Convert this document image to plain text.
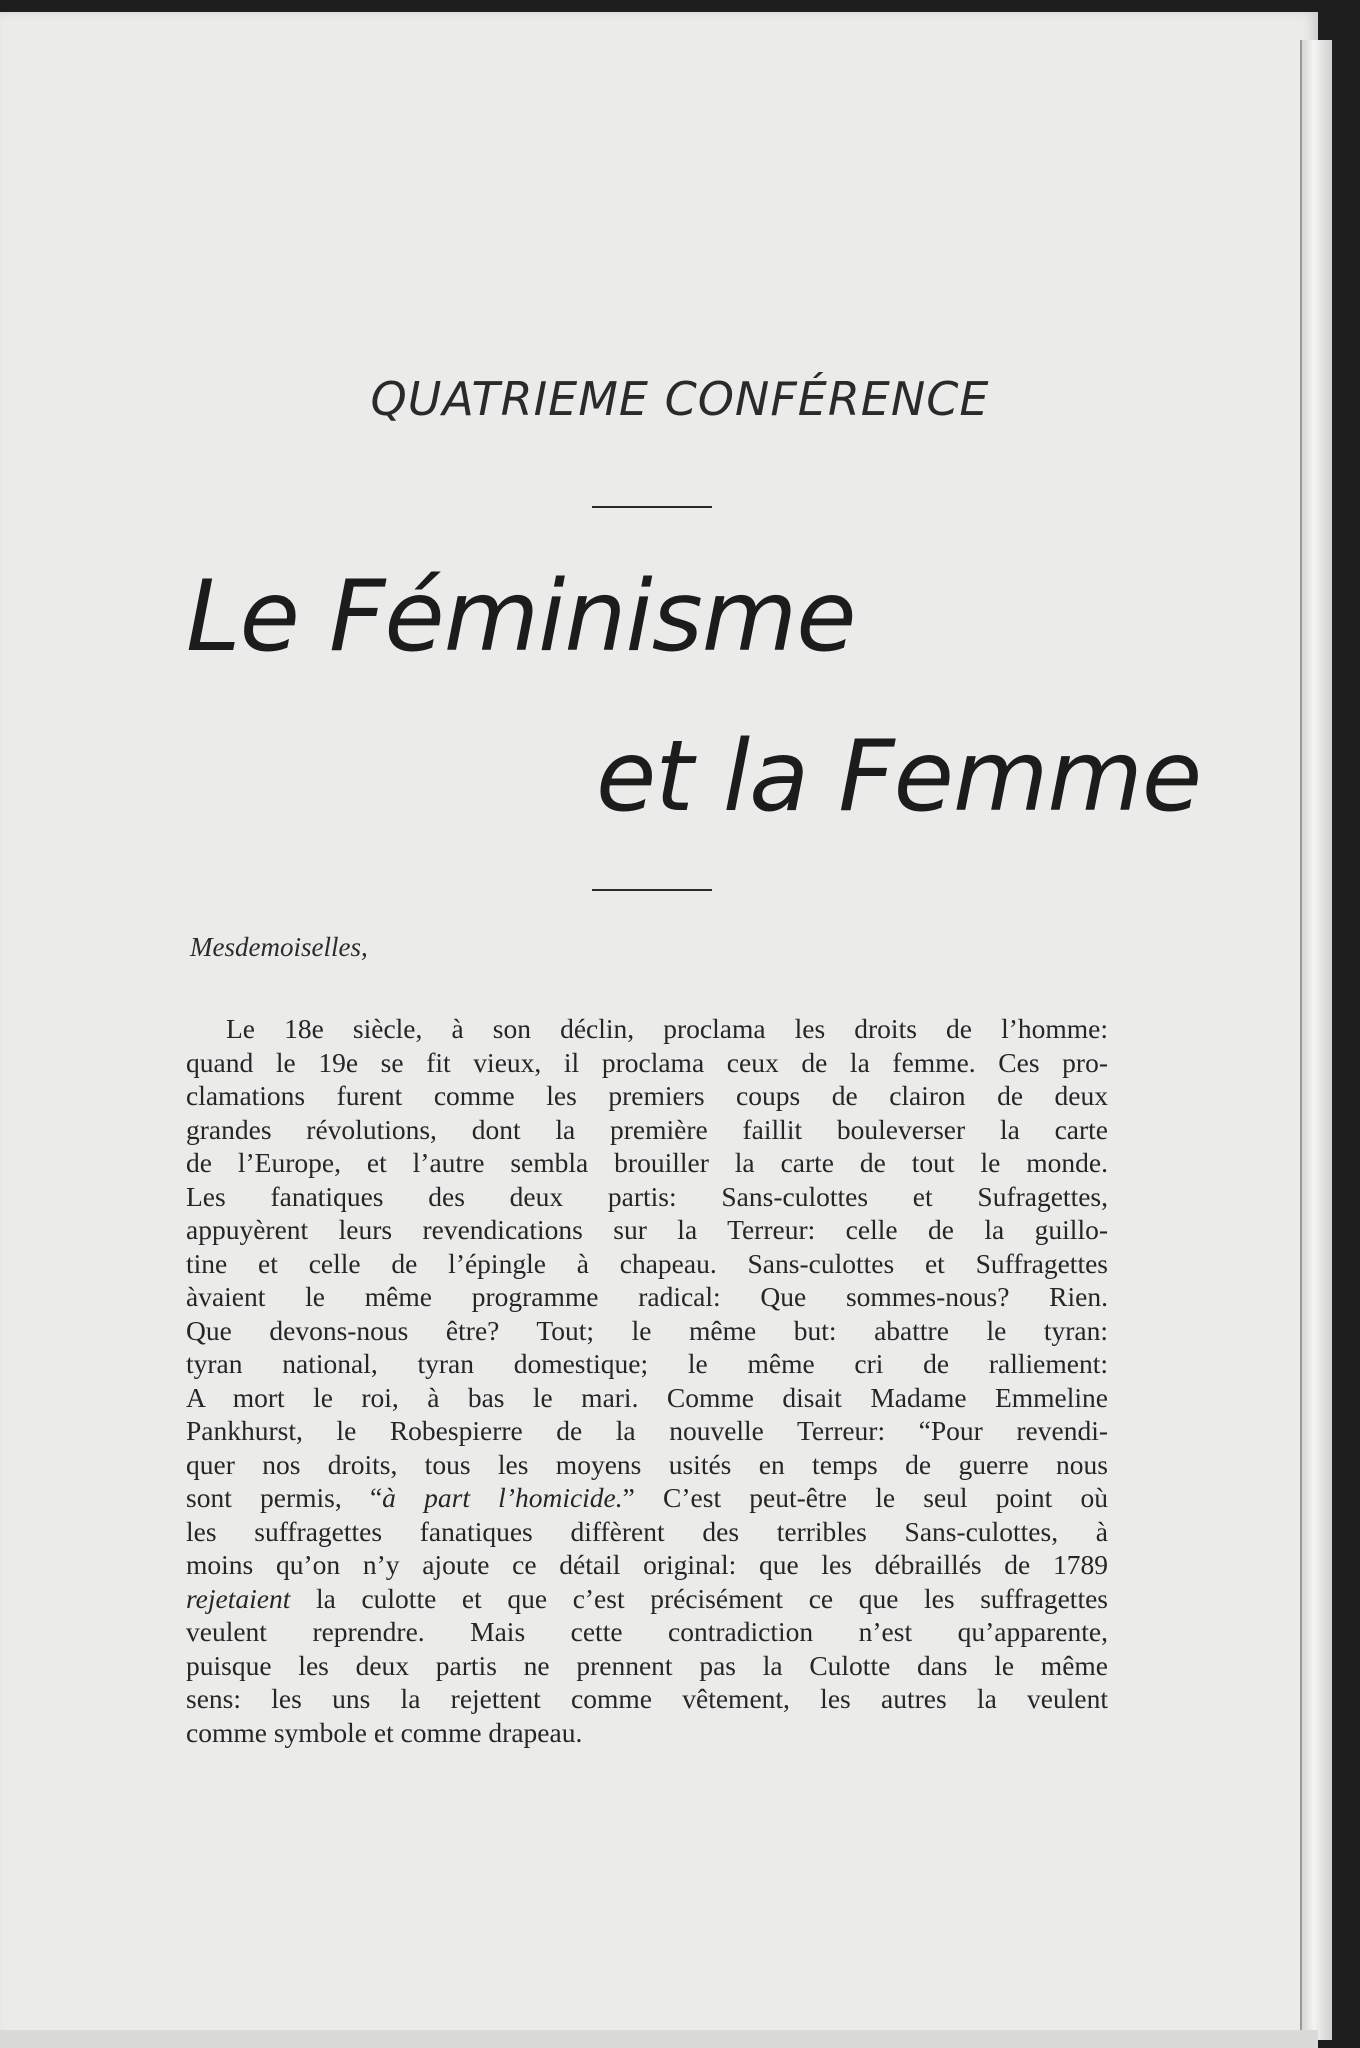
QUATRIEME CONFÉRENCE
Le Féminisme
et la Femme
Mesdemoiselles,
Le 18e siècle, à son déclin, proclama les droits de l’homme:
quand le 19e se fit vieux, il proclama ceux de la femme. Ces pro-
clamations furent comme les premiers coups de clairon de deux
grandes révolutions, dont la première faillit bouleverser la carte
de l’Europe, et l’autre sembla brouiller la carte de tout le monde.
Les fanatiques des deux partis: Sans-culottes et Sufragettes,
appuyèrent leurs revendications sur la Terreur: celle de la guillo-
tine et celle de l’épingle à chapeau. Sans-culottes et Suffragettes
àvaient le même programme radical: Que sommes-nous? Rien.
Que devons-nous être? Tout; le même but: abattre le tyran:
tyran national, tyran domestique; le même cri de ralliement:
A mort le roi, à bas le mari. Comme disait Madame Emmeline
Pankhurst, le Robespierre de la nouvelle Terreur: “Pour revendi-
quer nos droits, tous les moyens usités en temps de guerre nous
sont permis, “à part l’homicide.” C’est peut-être le seul point où
les suffragettes fanatiques diffèrent des terribles Sans-culottes, à
moins qu’on n’y ajoute ce détail original: que les débraillés de 1789
rejetaient la culotte et que c’est précisément ce que les suffragettes
veulent reprendre. Mais cette contradiction n’est qu’apparente,
puisque les deux partis ne prennent pas la Culotte dans le même
sens: les uns la rejettent comme vêtement, les autres la veulent
comme symbole et comme drapeau.
